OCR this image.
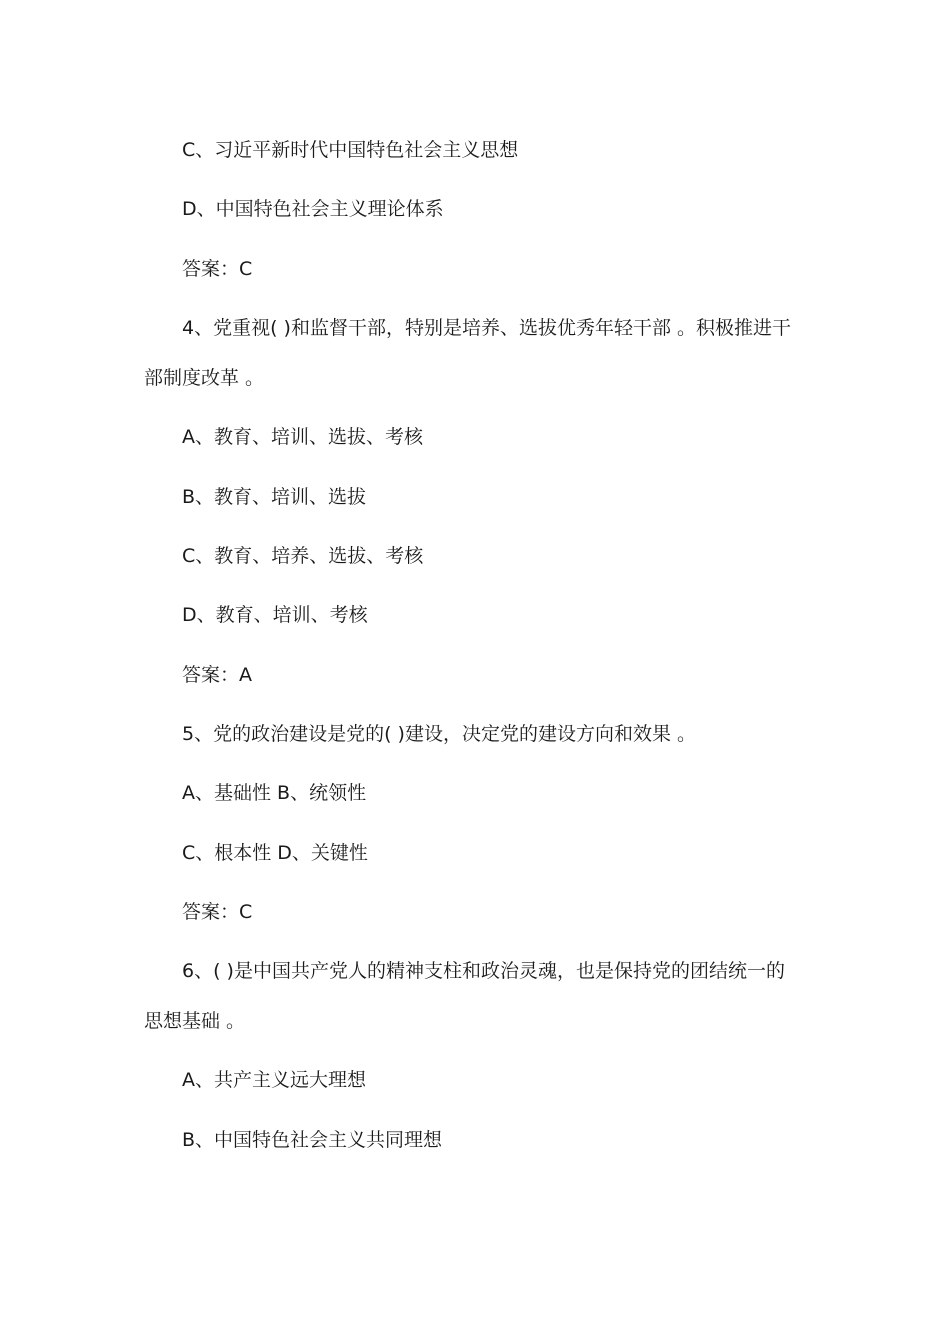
C、习近平新时代中国特色社会主义思想
D、中国特色社会主义理论体系
答案：C
4、党重视( )和监督干部，特别是培养、选拔优秀年轻干部 。积极推进干
部制度改革 。
A、教育、培训、选拔、考核
B、教育、培训、选拔
C、教育、培养、选拔、考核
D、教育、培训、考核
答案：A
5、党的政治建设是党的( )建设，决定党的建设方向和效果 。
A、基础性 B、统领性
C、根本性 D、关键性
答案：C
6、( )是中国共产党人的精神支柱和政治灵魂，也是保持党的团结统一的
思想基础 。
A、共产主义远大理想
B、中国特色社会主义共同理想
